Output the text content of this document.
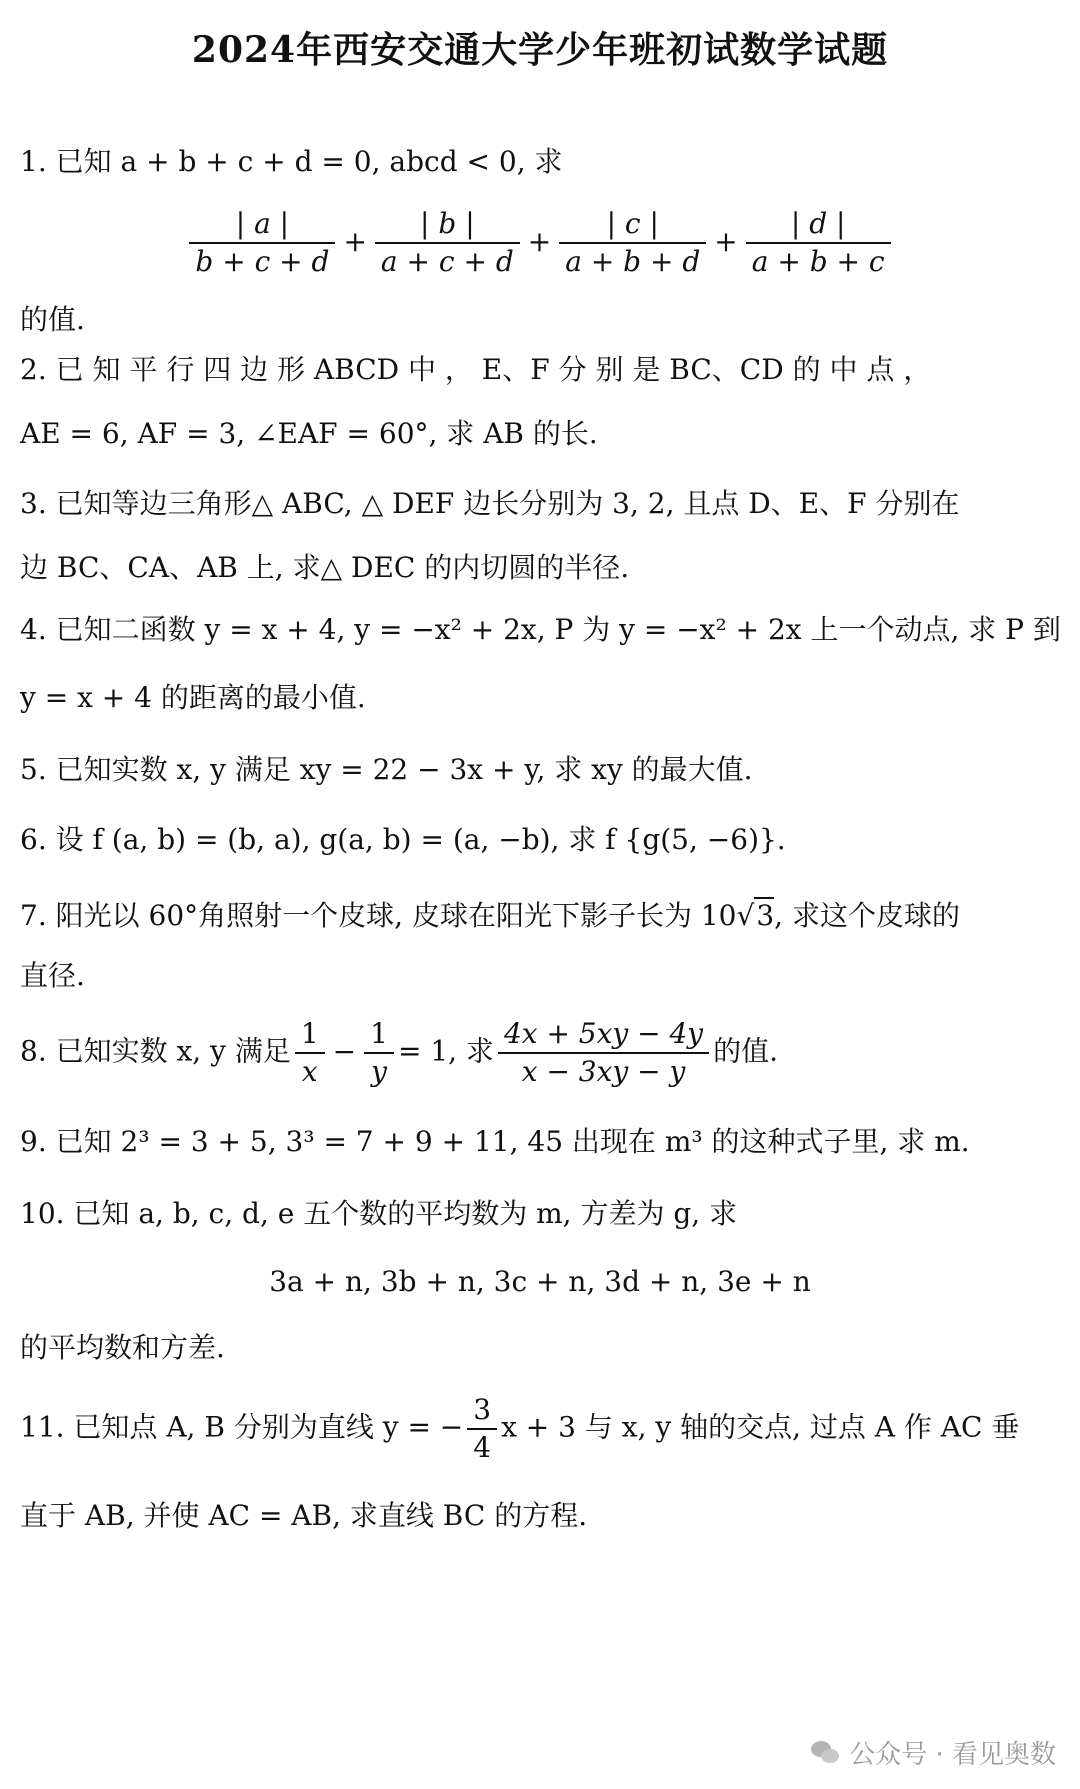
2024年西安交通大学少年班初试数学试题
1. 已知 a + b + c + d = 0, abcd < 0, 求
$\frac{| a |}{b + c + d} + \frac{| b |}{a + c + d} + \frac{| c |}{a + b + d} + \frac{| d |}{a + b + c}$
的值.
2. 已 知 平 行 四 边 形 ABCD 中 ， E、F 分 别 是 BC、CD 的 中 点 ，
AE = 6, AF = 3, ∠EAF = 60°, 求 AB 的长.
3. 已知等边三角形△ ABC, △ DEF 边长分别为 3, 2, 且点 D、E、F 分别在
边 BC、CA、AB 上, 求△ DEC 的内切圆的半径.
4. 已知二函数 y = x + 4, y = −x² + 2x, P 为 y = −x² + 2x 上一个动点, 求 P 到
y = x + 4 的距离的最小值.
5. 已知实数 x, y 满足 xy = 22 − 3x + y, 求 xy 的最大值.
6. 设 f (a, b) = (b, a), g(a, b) = (a, −b), 求 f {g(5, −6)}.
7. 阳光以 60°角照射一个皮球, 皮球在阳光下影子长为 10√3, 求这个皮球的
直径.
8. 已知实数 x, y 满足 $\frac{1}{x} - \frac{1}{y} = 1$, 求 $\frac{4x + 5xy - 4y}{x - 3xy - y}$ 的值.
9. 已知 2³ = 3 + 5, 3³ = 7 + 9 + 11, 45 出现在 m³ 的这种式子里, 求 m.
10. 已知 a, b, c, d, e 五个数的平均数为 m, 方差为 g, 求
3a + n, 3b + n, 3c + n, 3d + n, 3e + n
的平均数和方差.
11. 已知点 A, B 分别为直线 y = − $\frac{3}{4}$ x + 3 与 x, y 轴的交点, 过点 A 作 AC 垂
直于 AB, 并使 AC = AB, 求直线 BC 的方程.
公众号 · 看见奥数
